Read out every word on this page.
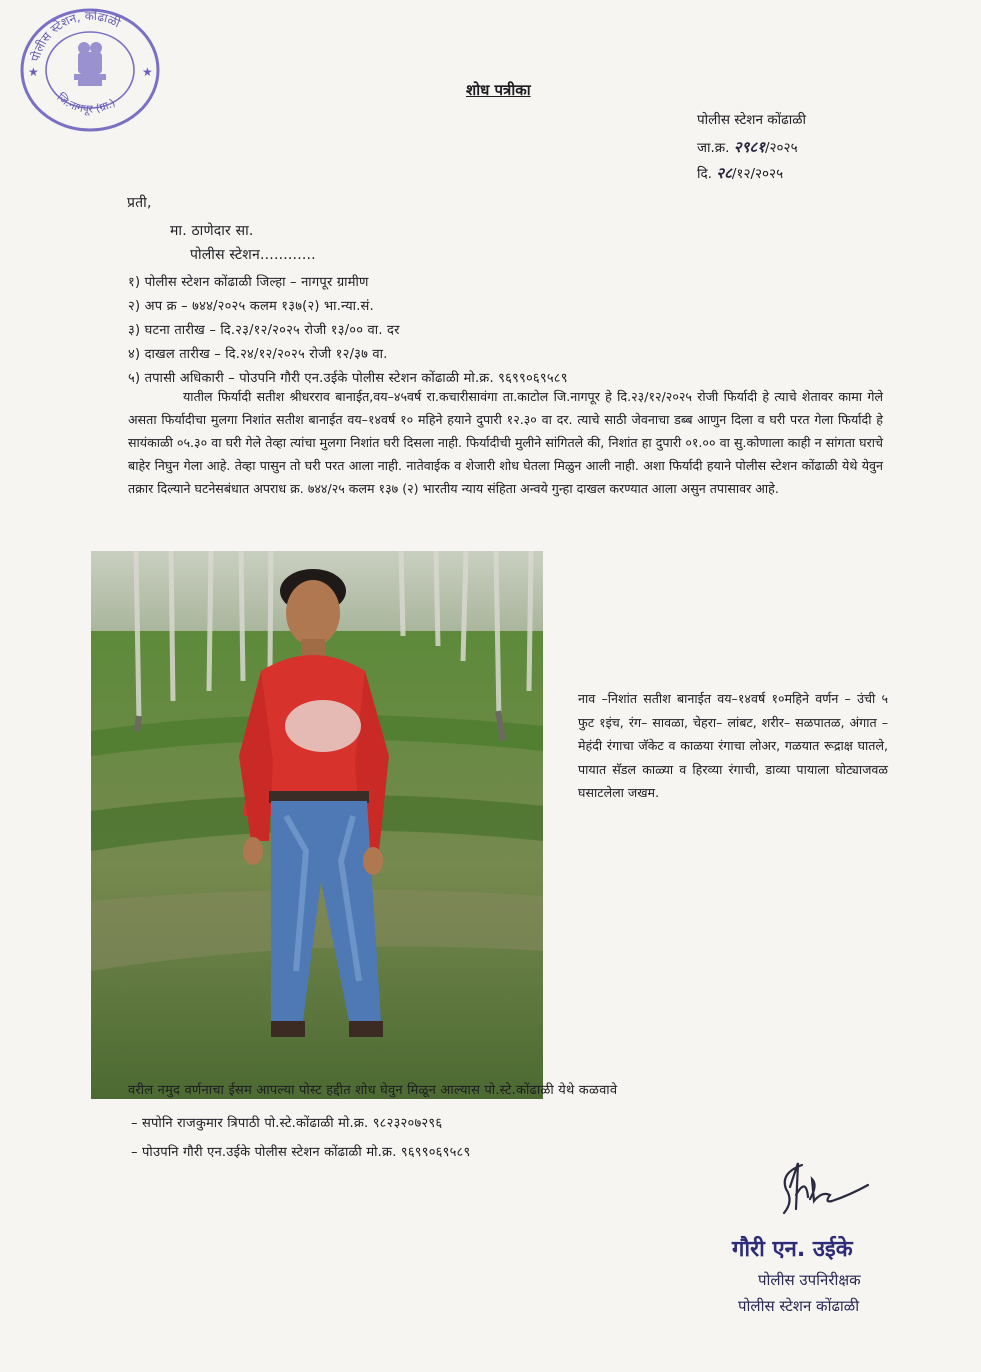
पोलीस स्टेशन, कोंढाळी
जि.नागपूर (ग्रा.)
★	★
शोध पत्रीका
पोलीस स्टेशन कोंढाळी
जा.क्र. २९८१/२०२५
दि. २८/१२/२०२५
प्रती,
मा. ठाणेदार सा.
पोलीस स्टेशन............
१) पोलीस स्टेशन कोंढाळी जिल्हा – नागपूर ग्रामीण
२) अप क्र – ७४४/२०२५ कलम १३७(२) भा.न्या.सं.
३) घटना तारीख – दि.२३/१२/२०२५ रोजी १३/०० वा. दर
४) दाखल तारीख – दि.२४/१२/२०२५ रोजी १२/३७ वा.
५) तपासी अधिकारी – पोउपनि गौरी एन.उईके पोलीस स्टेशन कोंढाळी मो.क्र. ९६९९०६९५८९
यातील फिर्यादी सतीश श्रीधरराव बानाईत,वय–४५वर्ष रा.कचारीसावंगा ता.काटोल जि.नागपूर हे दि.२३/१२/२०२५ रोजी फिर्यादी हे त्याचे शेतावर कामा गेले असता फिर्यादीचा मुलगा निशांत सतीश बानाईत वय–१४वर्ष १० महिने हयाने दुपारी १२.३० वा दर. त्याचे साठी जेवनाचा डब्ब आणुन दिला व घरी परत गेला फिर्यादी हे सायंकाळी ०५.३० वा घरी गेले तेव्हा त्यांचा मुलगा निशांत घरी दिसला नाही. फिर्यादीची मुलीने सांगितले की, निशांत हा दुपारी ०१.०० वा सु.कोणाला काही न सांगता घराचे बाहेर निघुन गेला आहे. तेव्हा पासुन तो घरी परत आला नाही. नातेवाईक व शेजारी शोध घेतला मिळुन आली नाही. अशा फिर्यादी हयाने पोलीस स्टेशन कोंढाळी येथे येवुन तक्रार दिल्याने घटनेसबंधात अपराध क्र. ७४४/२५ कलम १३७ (२) भारतीय न्याय संहिता अन्वये गुन्हा दाखल करण्यात आला असुन तपासावर आहे.
नाव –निशांत सतीश बानाईत वय–१४वर्ष १०महिने वर्णन – उंची ५ फुट १इंच, रंग– सावळा, चेहरा– लांबट, शरीर– सळपातळ, अंगात – मेहंदी रंगाचा जॅकेट व काळया रंगाचा लोअर, गळयात रूद्राक्ष घातले, पायात सॅडल काळ्या व हिरव्या रंगाची, डाव्या पायाला घोट्याजवळ घसाटलेला जखम.
वरील नमुद वर्णनाचा ईसम आपल्या पोस्ट हद्दीत शोध घेवुन मिळून आल्यास पो.स्टे.कोंढाळी येथे कळवावे
– सपोनि राजकुमार त्रिपाठी पो.स्टे.कोंढाळी मो.क्र. ९८२३२०७२९६
– पोउपनि गौरी एन.उईके पोलीस स्टेशन कोंढाळी मो.क्र. ९६९९०६९५८९
गौरी एन. उईके
पोलीस उपनिरीक्षक
पोलीस स्टेशन कोंढाळी
